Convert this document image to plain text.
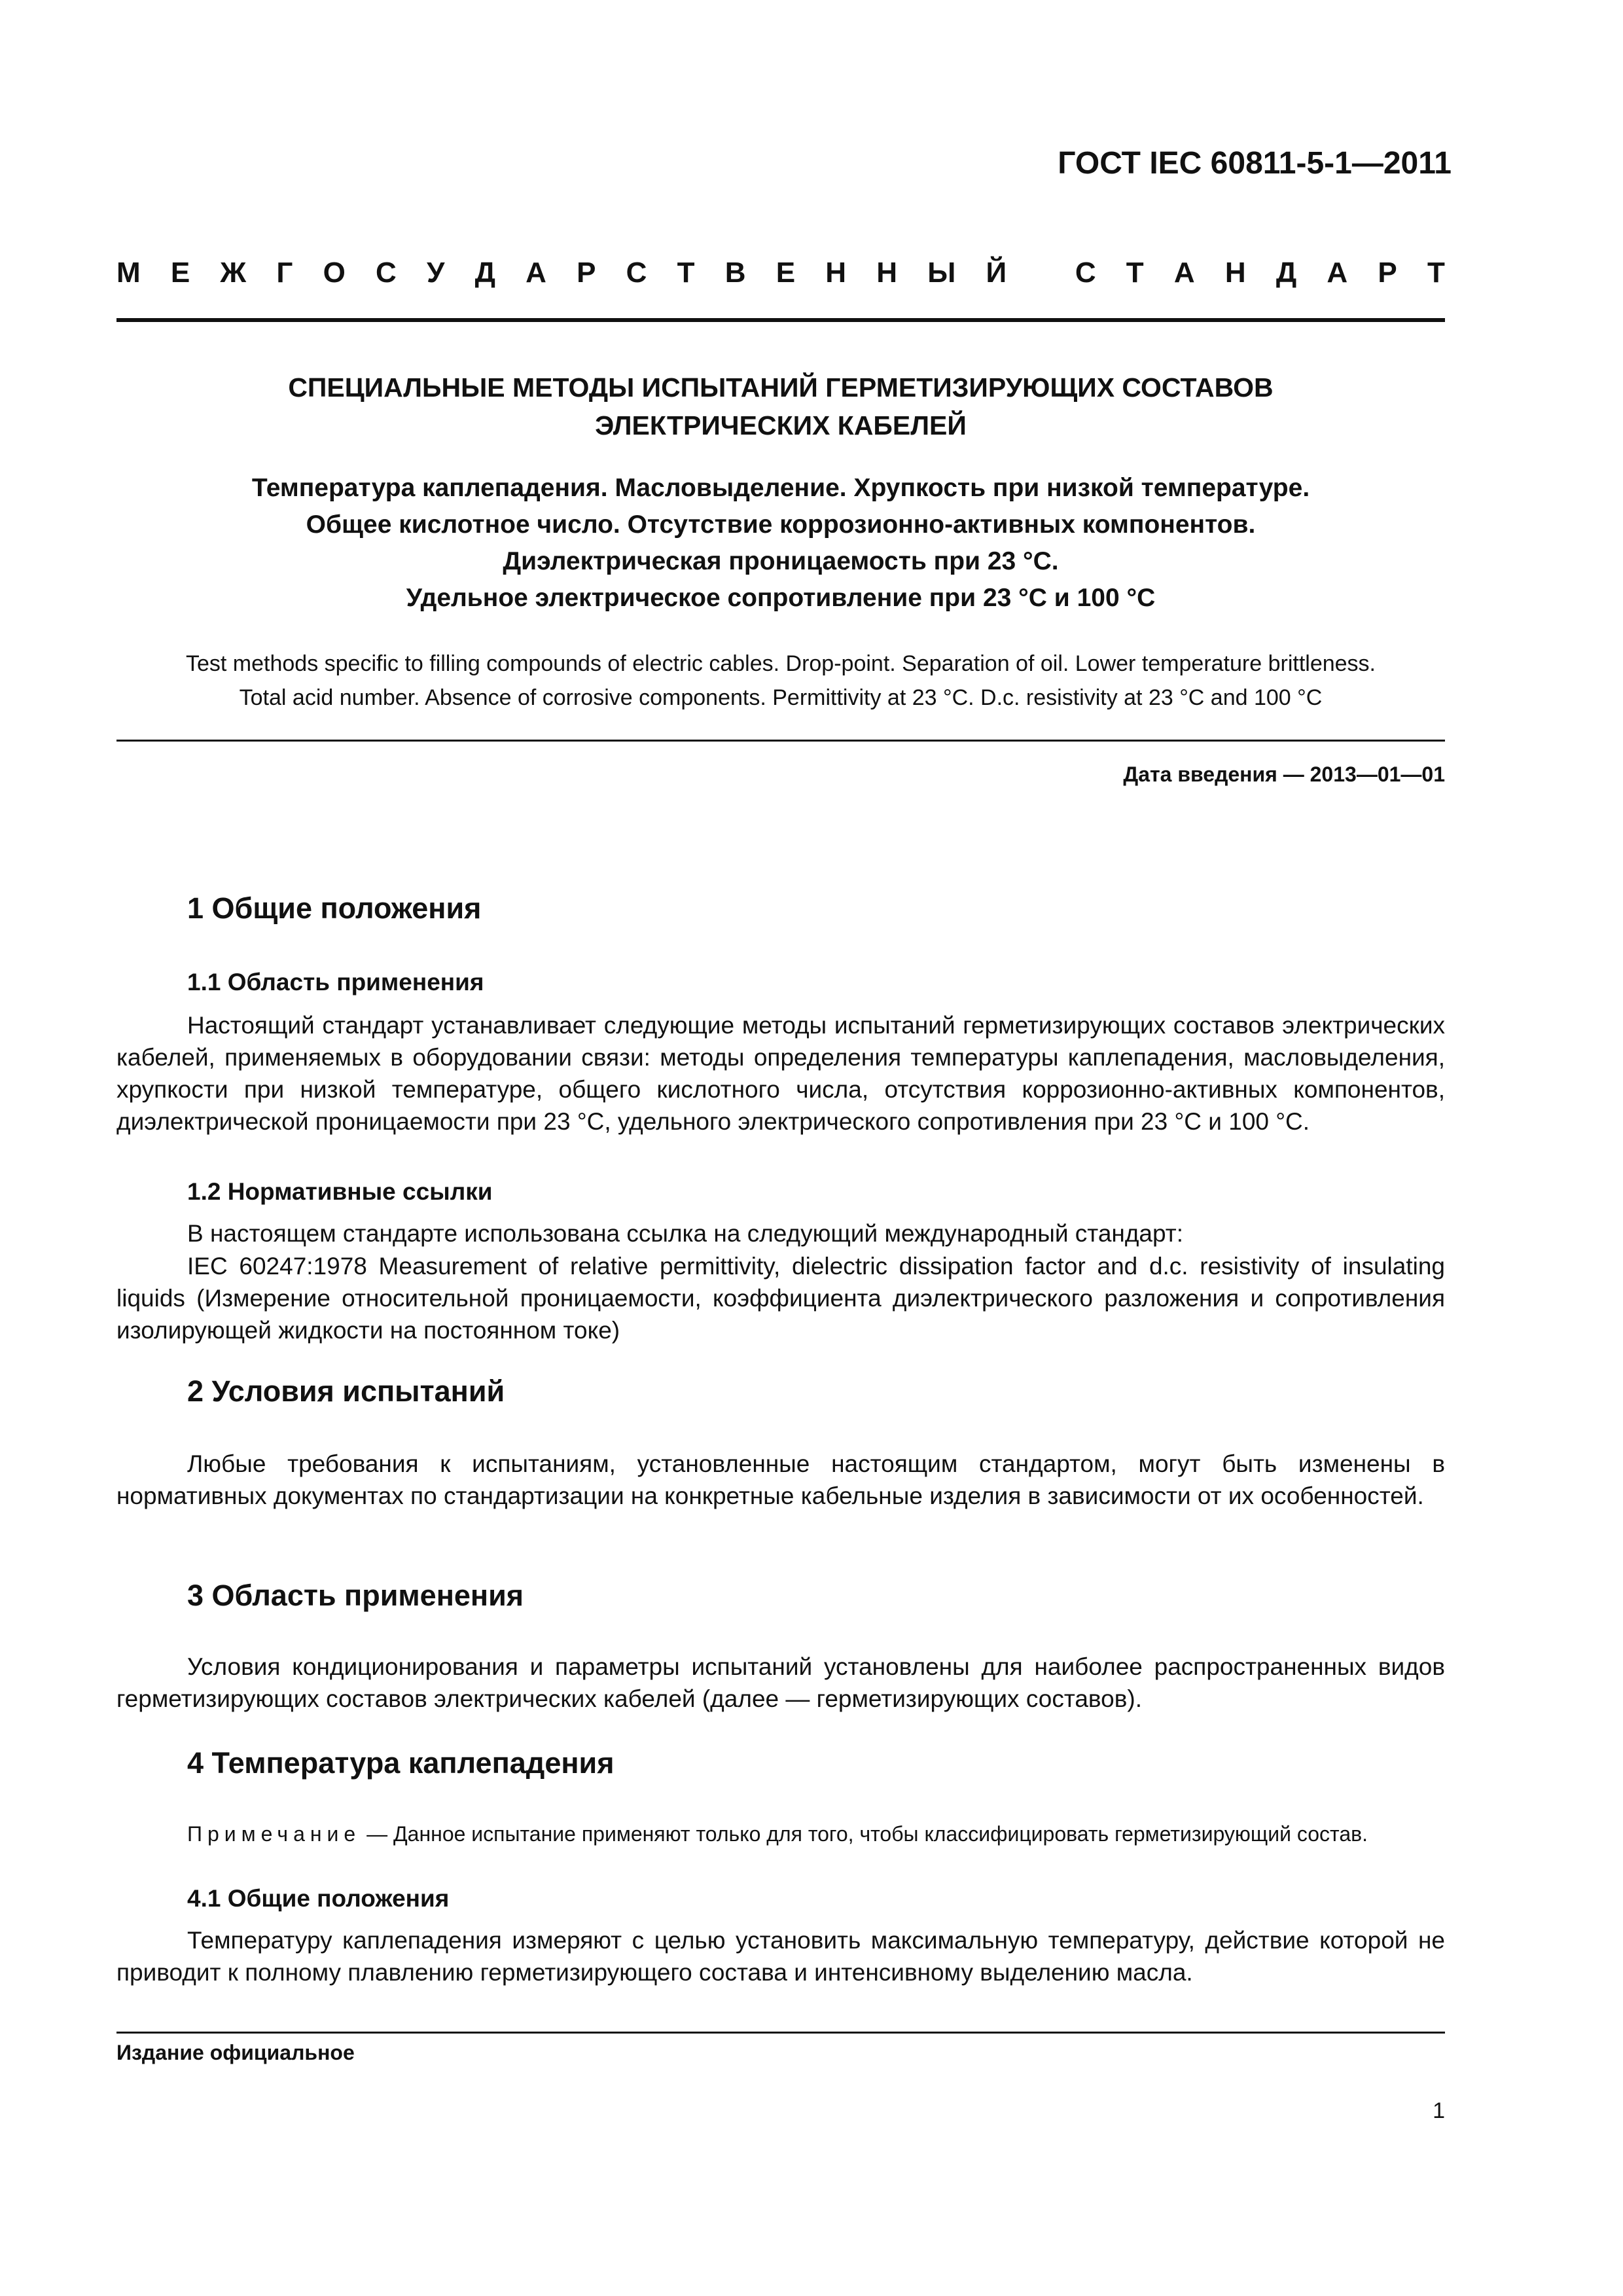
ГОСТ IEC 60811-5-1—2011
М Е Ж Г О С У Д А Р С Т В Е Н Н Ы Й
С Т А Н Д А Р Т
СПЕЦИАЛЬНЫЕ МЕТОДЫ ИСПЫТАНИЙ ГЕРМЕТИЗИРУЮЩИХ СОСТАВОВ
ЭЛЕКТРИЧЕСКИХ КАБЕЛЕЙ
Температура каплепадения. Масловыделение. Хрупкость при низкой температуре.
Общее кислотное число. Отсутствие коррозионно-активных компонентов.
Диэлектрическая проницаемость при 23 °С.
Удельное электрическое сопротивление при 23 °С и 100 °С
Test methods specific to filling compounds of electric cables. Drop-point. Separation of oil. Lower temperature brittleness.
Total acid number. Absence of corrosive components. Permittivity at 23 °C. D.c. resistivity at 23 °C and 100 °C
Дата введения — 2013—01—01
1 Общие положения
1.1 Область применения
Настоящий стандарт устанавливает следующие методы испытаний герметизирующих составов электрических кабелей, применяемых в оборудовании связи: методы определения температуры каплепадения, масловыделения, хрупкости при низкой температуре, общего кислотного числа, отсутствия коррозионно-активных компонентов, диэлектрической проницаемости при 23 °С, удельного электрического сопротивления при 23 °С и 100 °С.
1.2 Нормативные ссылки
В настоящем стандарте использована ссылка на следующий международный стандарт:
IEC 60247:1978 Measurement of relative permittivity, dielectric dissipation factor and d.c. resistivity of insulating liquids (Измерение относительной проницаемости, коэффициента диэлектрического разложения и сопротивления изолирующей жидкости на постоянном токе)
2 Условия испытаний
Любые требования к испытаниям, установленные настоящим стандартом, могут быть изменены в нормативных документах по стандартизации на конкретные кабельные изделия в зависимости от их особенностей.
3 Область применения
Условия кондиционирования и параметры испытаний установлены для наиболее распространенных видов герметизирующих составов электрических кабелей (далее — герметизирующих составов).
4 Температура каплепадения
Примечание — Данное испытание применяют только для того, чтобы классифицировать герметизирующий состав.
4.1 Общие положения
Температуру каплепадения измеряют с целью установить максимальную температуру, действие которой не приводит к полному плавлению герметизирующего состава и интенсивному выделению масла.
Издание официальное
1
